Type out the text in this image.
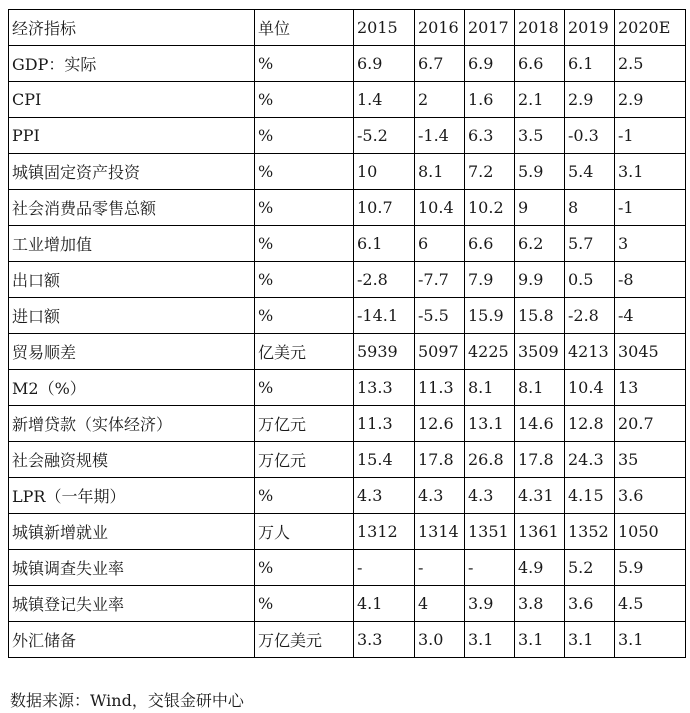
经济指标	单位	2015	2016	2017	2018	2019	2020E
GDP：实际	%	6.9	6.7	6.9	6.6	6.1	2.5
CPI	%	1.4	2	1.6	2.1	2.9	2.9
PPI	%	-5.2	-1.4	6.3	3.5	-0.3	-1
城镇固定资产投资	%	10	8.1	7.2	5.9	5.4	3.1
社会消费品零售总额	%	10.7	10.4	10.2	9	8	-1
工业增加值	%	6.1	6	6.6	6.2	5.7	3
出口额	%	-2.8	-7.7	7.9	9.9	0.5	-8
进口额	%	-14.1	-5.5	15.9	15.8	-2.8	-4
贸易顺差	亿美元	5939	5097	4225	3509	4213	3045
M2（%）	%	13.3	11.3	8.1	8.1	10.4	13
新增贷款（实体经济）	万亿元	11.3	12.6	13.1	14.6	12.8	20.7
社会融资规模	万亿元	15.4	17.8	26.8	17.8	24.3	35
LPR（一年期）	%	4.3	4.3	4.3	4.31	4.15	3.6
城镇新增就业	万人	1312	1314	1351	1361	1352	1050
城镇调查失业率	%	-	-	-	4.9	5.2	5.9
城镇登记失业率	%	4.1	4	3.9	3.8	3.6	4.5
外汇储备	万亿美元	3.3	3.0	3.1	3.1	3.1	3.1
数据来源：Wind，交银金研中心
